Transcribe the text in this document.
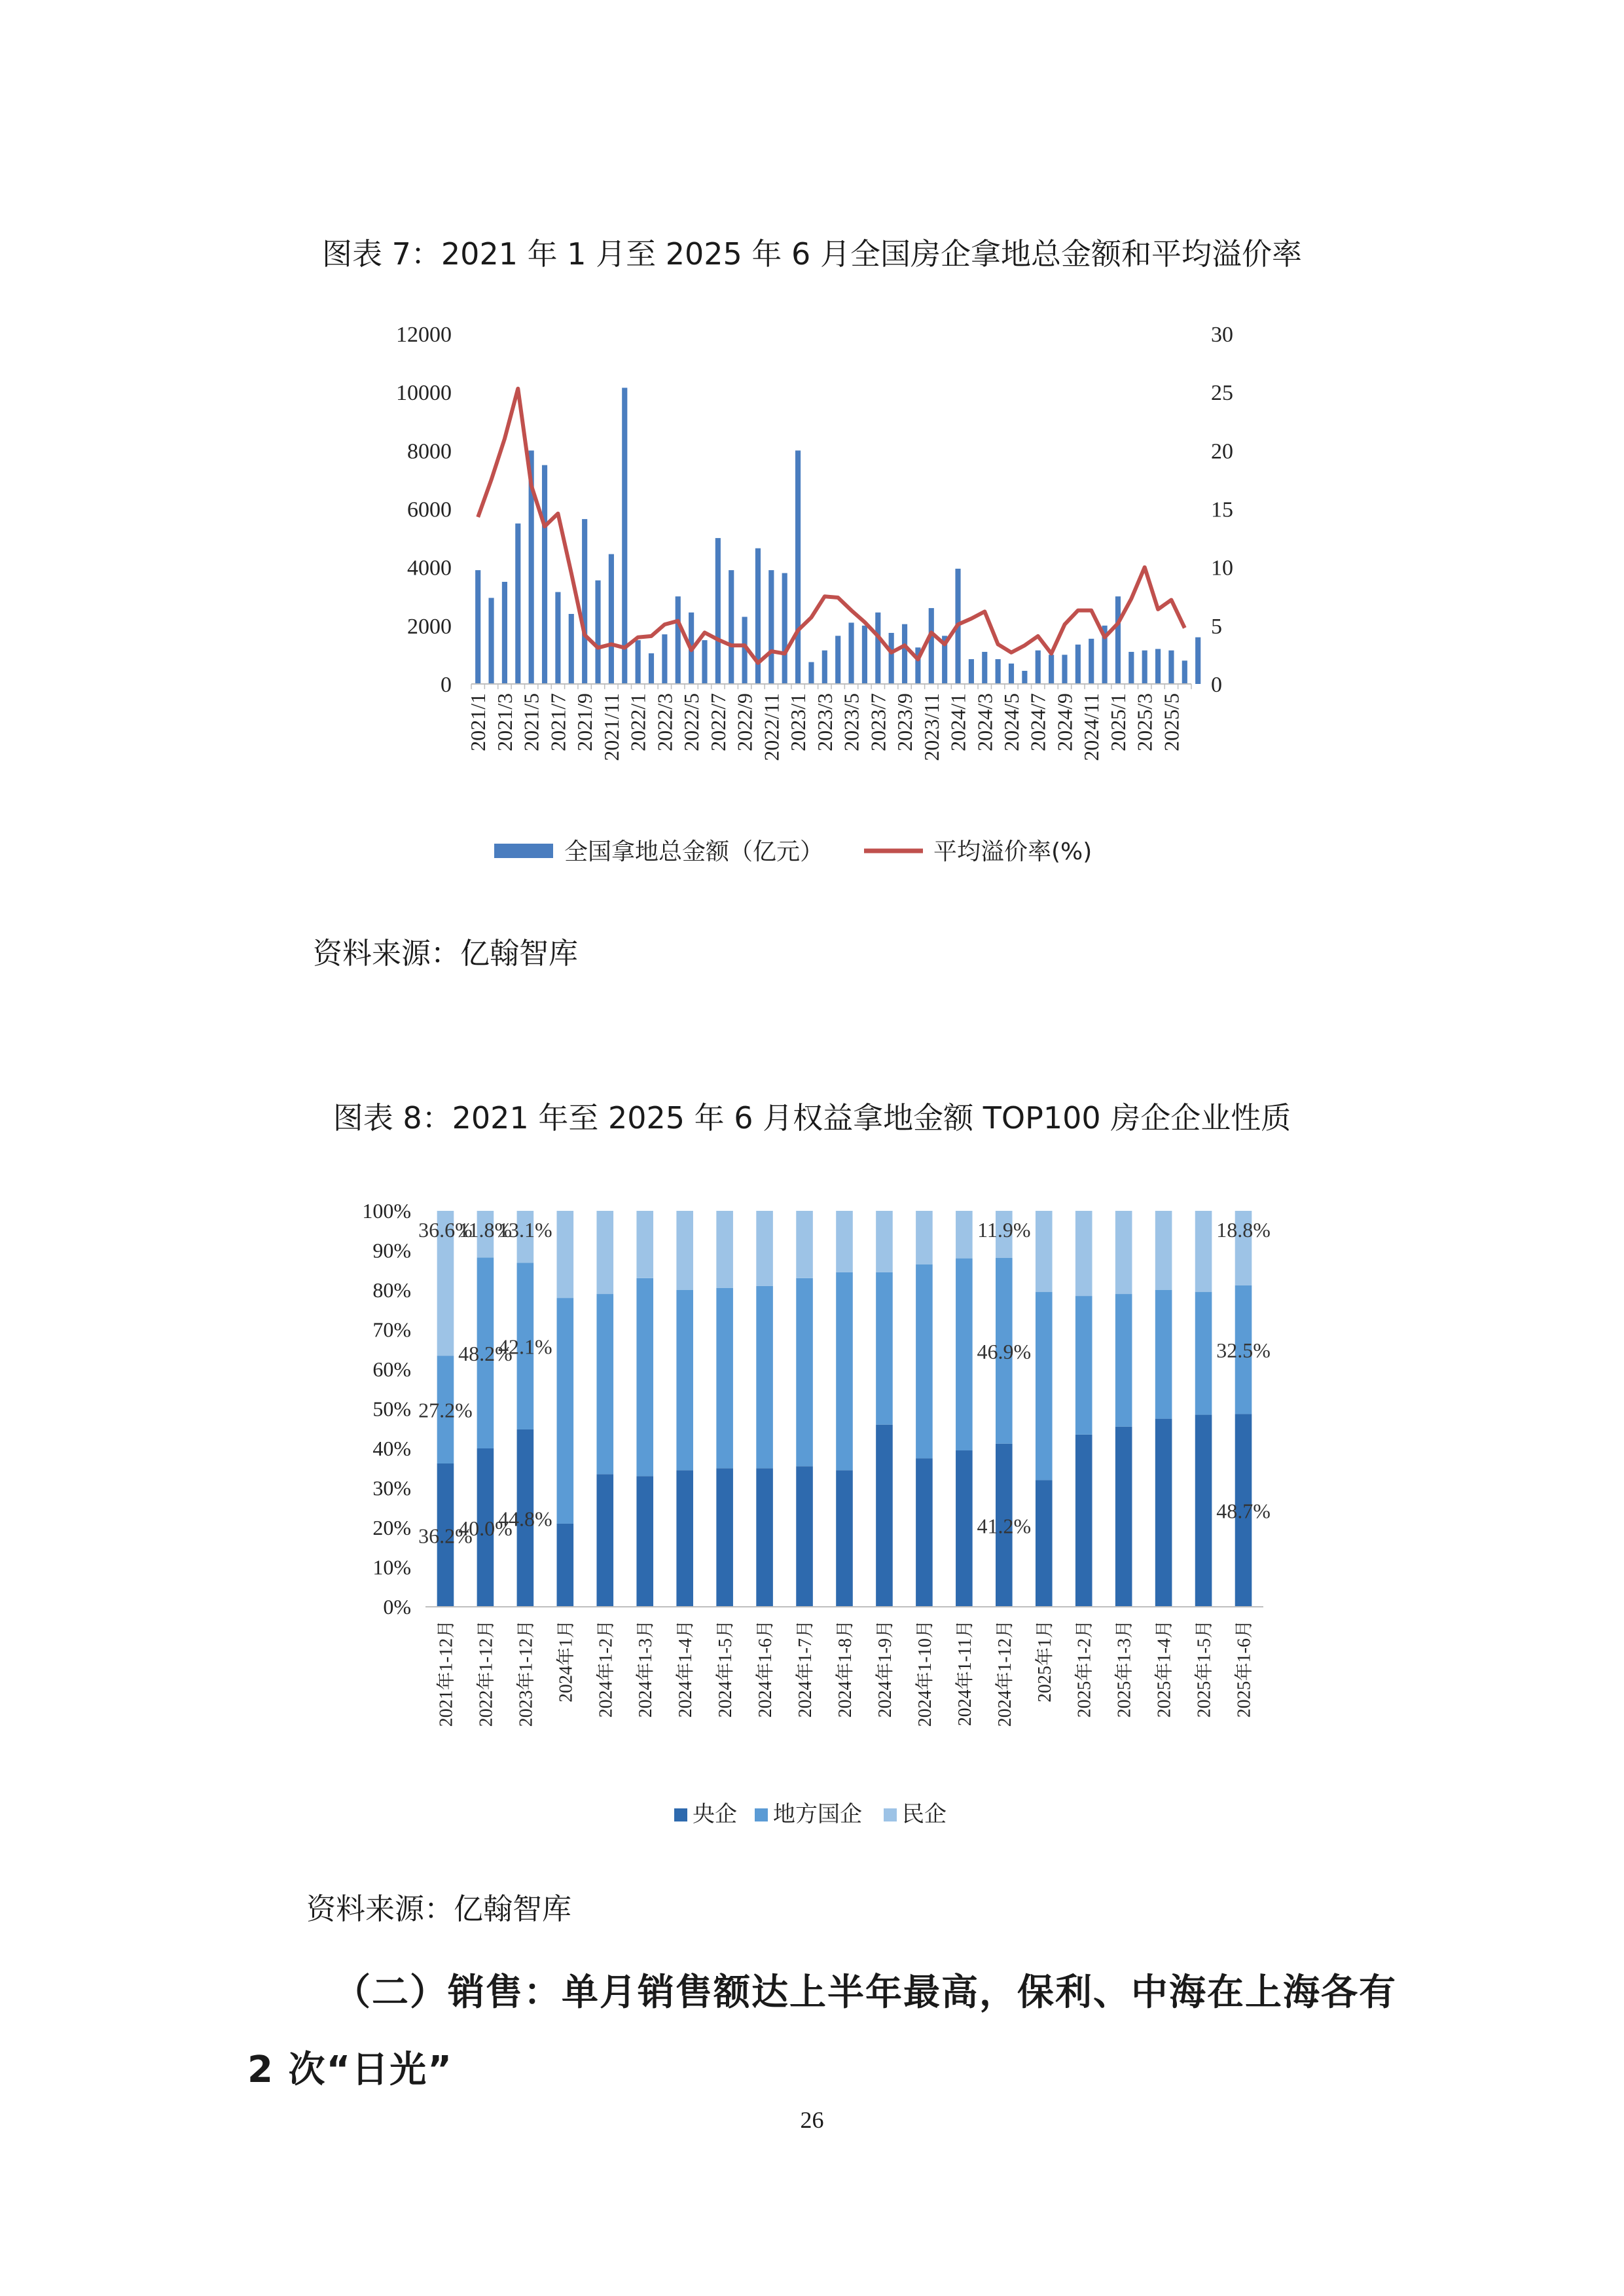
图表 7：2021 年 1 月至 2025 年 6 月全国房企拿地总金额和平均溢价率
0
2000
4000
6000
8000
10000
12000
0
5
10
15
20
25
30
2021/1 2021/3 2021/5 2021/7 2021/9 2021/11 2022/1 2022/3 2022/5 2022/7 2022/9 2022/11 2023/1 2023/3 2023/5 2023/7 2023/9 2023/11 2024/1 2024/3 2024/5 2024/7 2024/9 2024/11 2025/1 2025/3 2025/5
全国拿地总金额（亿元）	平均溢价率(%)
资料来源：亿翰智库
图表 8：2021 年至 2025 年 6 月权益拿地金额 TOP100 房企企业性质
0%
10%
20%
30%
40%
50%
60%
70%
80%
90%
100%
36.2%
27.2%
36.6%
40.0%
48.2%
11.8%
44.8%
42.1%
13.1%
41.2%
46.9%
11.9%
48.7%
32.5%
18.8%
2021年1-12月 2022年1-12月 2023年1-12月 2024年1月 2024年1-2月 2024年1-3月 2024年1-4月 2024年1-5月 2024年1-6月 2024年1-7月 2024年1-8月 2024年1-9月 2024年1-10月 2024年1-11月 2024年1-12月 2025年1月 2025年1-2月 2025年1-3月 2025年1-4月 2025年1-5月 2025年1-6月
央企 地方国企 民企
资料来源：亿翰智库
（二）销售：单月销售额达上半年最高，保利、中海在上海各有
2 次“日光”
26
